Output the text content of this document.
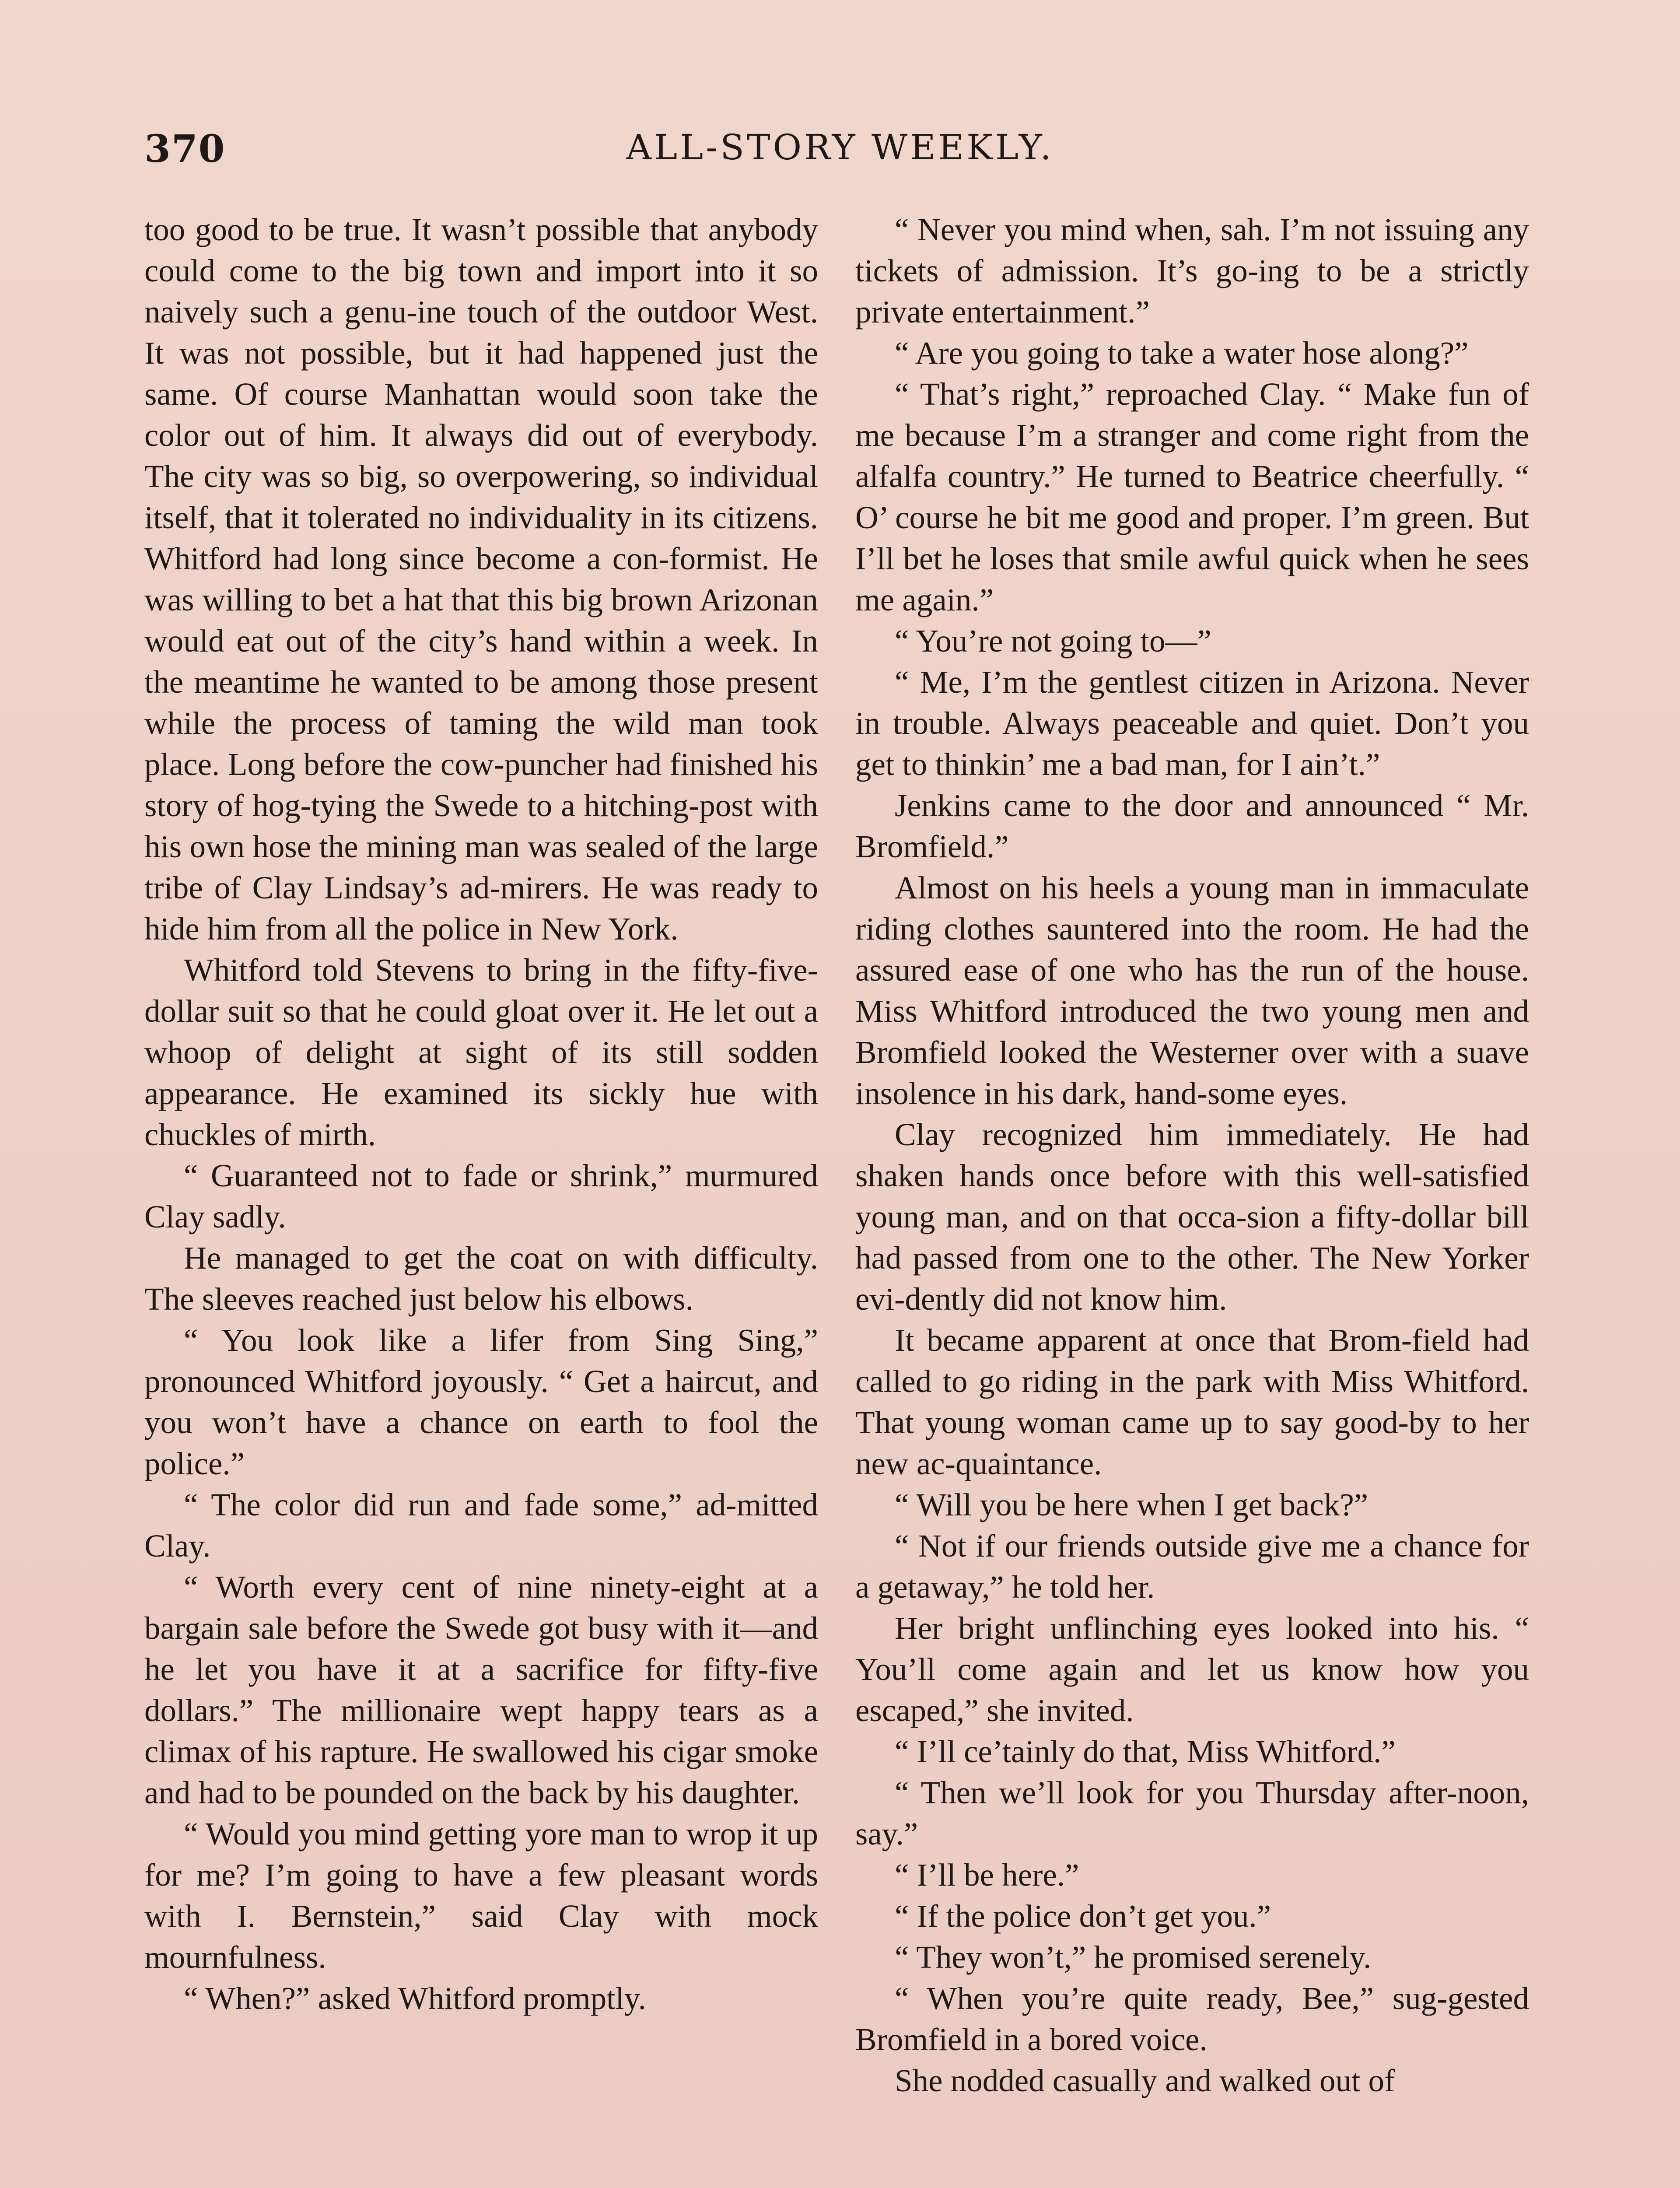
370	ALL-STORY WEEKLY.

too good to be true. It wasn’t possible that anybody could come to the big town and import into it so naively such a genu-ine touch of the outdoor West. It was not possible, but it had happened just the same. Of course Manhattan would soon take the color out of him. It always did out of everybody. The city was so big, so overpowering, so individual itself, that it tolerated no individuality in its citizens. Whitford had long since become a con-formist. He was willing to bet a hat that this big brown Arizonan would eat out of the city’s hand within a week. In the meantime he wanted to be among those present while the process of taming the wild man took place. Long before the cow-puncher had finished his story of hog-tying the Swede to a hitching-post with his own hose the mining man was sealed of the large tribe of Clay Lindsay’s ad-mirers. He was ready to hide him from all the police in New York.

Whitford told Stevens to bring in the fifty-five-dollar suit so that he could gloat over it. He let out a whoop of delight at sight of its still sodden appearance. He examined its sickly hue with chuckles of mirth.

“ Guaranteed not to fade or shrink,” murmured Clay sadly.

He managed to get the coat on with difficulty. The sleeves reached just below his elbows.

“ You look like a lifer from Sing Sing,” pronounced Whitford joyously. “ Get a haircut, and you won’t have a chance on earth to fool the police.”

“ The color did run and fade some,” ad-mitted Clay.

“ Worth every cent of nine ninety-eight at a bargain sale before the Swede got busy with it—and he let you have it at a sacrifice for fifty-five dollars.” The millionaire wept happy tears as a climax of his rapture. He swallowed his cigar smoke and had to be pounded on the back by his daughter.

“ Would you mind getting yore man to wrop it up for me? I’m going to have a few pleasant words with I. Bernstein,” said Clay with mock mournfulness.

“ When?” asked Whitford promptly.

“ Never you mind when, sah. I’m not issuing any tickets of admission. It’s go-ing to be a strictly private entertainment.”

“ Are you going to take a water hose along?”

“ That’s right,” reproached Clay. “ Make fun of me because I’m a stranger and come right from the alfalfa country.” He turned to Beatrice cheerfully. “ O’ course he bit me good and proper. I’m green. But I’ll bet he loses that smile awful quick when he sees me again.”

“ You’re not going to—”

“ Me, I’m the gentlest citizen in Arizona. Never in trouble. Always peaceable and quiet. Don’t you get to thinkin’ me a bad man, for I ain’t.”

Jenkins came to the door and announced “ Mr. Bromfield.”

Almost on his heels a young man in immaculate riding clothes sauntered into the room. He had the assured ease of one who has the run of the house. Miss Whitford introduced the two young men and Bromfield looked the Westerner over with a suave insolence in his dark, hand-some eyes.

Clay recognized him immediately. He had shaken hands once before with this well-satisfied young man, and on that occa-sion a fifty-dollar bill had passed from one to the other. The New Yorker evi-dently did not know him.

It became apparent at once that Brom-field had called to go riding in the park with Miss Whitford. That young woman came up to say good-by to her new ac-quaintance.

“ Will you be here when I get back?”

“ Not if our friends outside give me a chance for a getaway,” he told her.

Her bright unflinching eyes looked into his. “ You’ll come again and let us know how you escaped,” she invited.

“ I’ll ce’tainly do that, Miss Whitford.”

“ Then we’ll look for you Thursday after-noon, say.”

“ I’ll be here.”

“ If the police don’t get you.”

“ They won’t,” he promised serenely.

“ When you’re quite ready, Bee,” sug-gested Bromfield in a bored voice.

She nodded casually and walked out of
